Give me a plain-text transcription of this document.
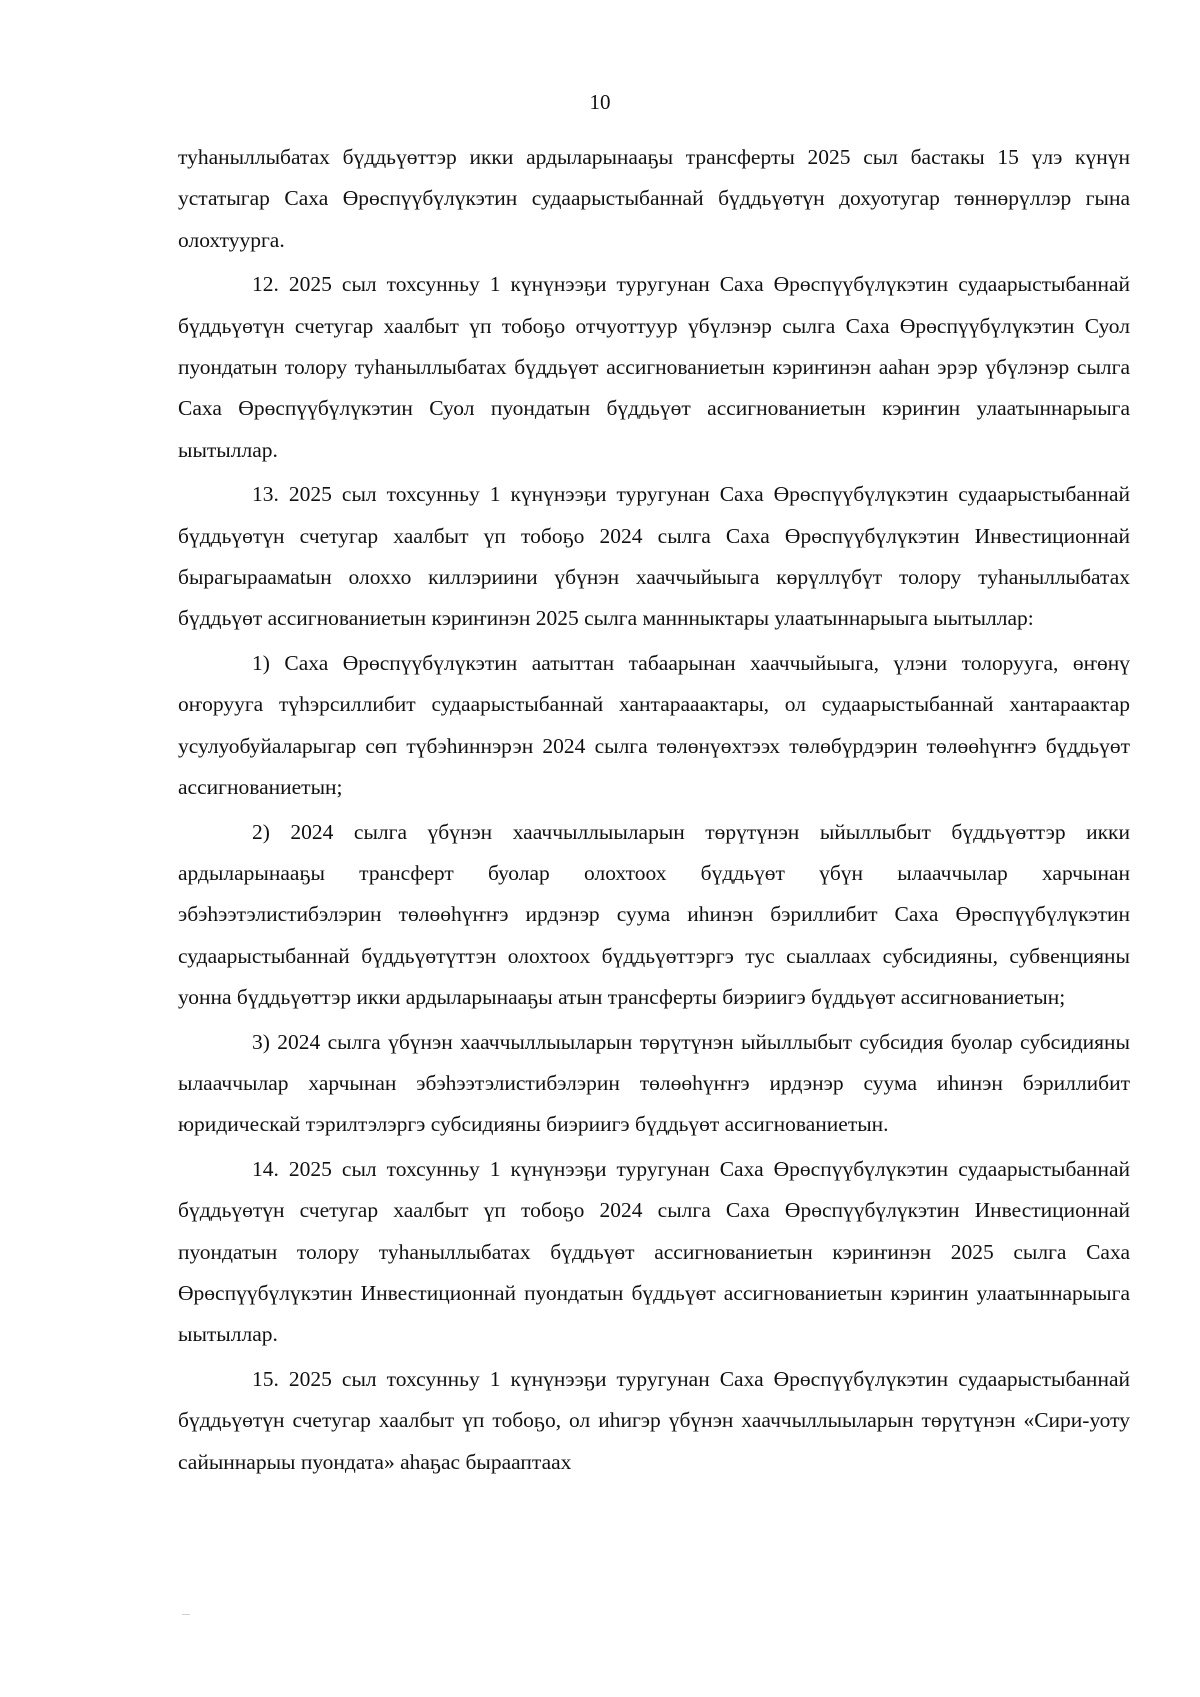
10

туһаныллыбатах бүддьүөттэр икки ардыларынааҕы трансферты 2025 сыл бастакы 15 үлэ күнүн устатыгар Саха Өрөспүүбүлүкэтин судаарыстыбаннай бүддьүөтүн дохуотугар төннөрүллэр гына олохтуурга.

12. 2025 сыл тохсунньу 1 күнүнээҕи туругунан Саха Өрөспүүбүлүкэтин судаарыстыбаннай бүддьүөтүн счетугар хаалбыт үп тобоҕо отчуоттуур үбүлэнэр сылга Саха Өрөспүүбүлүкэтин Суол пуондатын толору туһаныллыбатах бүддьүөт ассигнованиетын кэриҥинэн ааһан эрэр үбүлэнэр сылга Саха Өрөспүүбүлүкэтин Суол пуондатын бүддьүөт ассигнованиетын кэриҥин улаатыннарыыга ыытыллар.

13. 2025 сыл тохсунньу 1 күнүнээҕи туругунан Саха Өрөспүүбүлүкэтин судаарыстыбаннай бүддьүөтүн счетугар хаалбыт үп тобоҕо 2024 сылга Саха Өрөспүүбүлүкэтин Инвестиционнай бырагыраамаtын олоххо киллэриини үбүнэн хааччыйыыга көрүллүбүт толору туһаныллыбатах бүддьүөт ассигнованиетын кэриҥинэн 2025 сылга маннныктары улаатыннарыыга ыытыллар:

1) Саха Өрөспүүбүлүкэтин аатыттан табаарынан хааччыйыыга, үлэни толорууга, өҥөнү оҥорууга түһэрсиллибит судаарыстыбаннай хантарааактары, ол судаарыстыбаннай хантараактар усулуобуйаларыгар сөп түбэһиннэрэн 2024 сылга төлөнүөхтээх төлөбүрдэрин төлөөһүҥҥэ бүддьүөт ассигнованиетын;

2) 2024 сылга үбүнэн хааччыллыыларын төрүтүнэн ыйыллыбыт бүддьүөттэр икки ардыларынааҕы трансферт буолар олохтоох бүддьүөт үбүн ылааччылар харчынан эбэһээтэлистибэлэрин төлөөһүҥҥэ ирдэнэр суума иһинэн бэриллибит Саха Өрөспүүбүлүкэтин судаарыстыбаннай бүддьүөтүттэн олохтоох бүддьүөттэргэ тус сыаллаах субсидияны, субвенцияны уонна бүддьүөттэр икки ардыларынааҕы атын трансферты биэриигэ бүддьүөт ассигнованиетын;

3) 2024 сылга үбүнэн хааччыллыыларын төрүтүнэн ыйыллыбыт субсидия буолар субсидияны ылааччылар харчынан эбэһээтэлистибэлэрин төлөөһүҥҥэ ирдэнэр суума иһинэн бэриллибит юридическай тэрилтэлэргэ субсидияны биэриигэ бүддьүөт ассигнованиетын.

14. 2025 сыл тохсунньу 1 күнүнээҕи туругунан Саха Өрөспүүбүлүкэтин судаарыстыбаннай бүддьүөтүн счетугар хаалбыт үп тобоҕо 2024 сылга Саха Өрөспүүбүлүкэтин Инвестиционнай пуондатын толору туһаныллыбатах бүддьүөт ассигнованиетын кэриҥинэн 2025 сылга Саха Өрөспүүбүлүкэтин Инвестиционнай пуондатын бүддьүөт ассигнованиетын кэриҥин улаатыннарыыга ыытыллар.

15. 2025 сыл тохсунньу 1 күнүнээҕи туругунан Саха Өрөспүүбүлүкэтин судаарыстыбаннай бүддьүөтүн счетугар хаалбыт үп тобоҕо, ол иһигэр үбүнэн хааччыллыыларын төрүтүнэн «Сири-уоту сайыннарыы пуондата» аһаҕас бырааптаах
